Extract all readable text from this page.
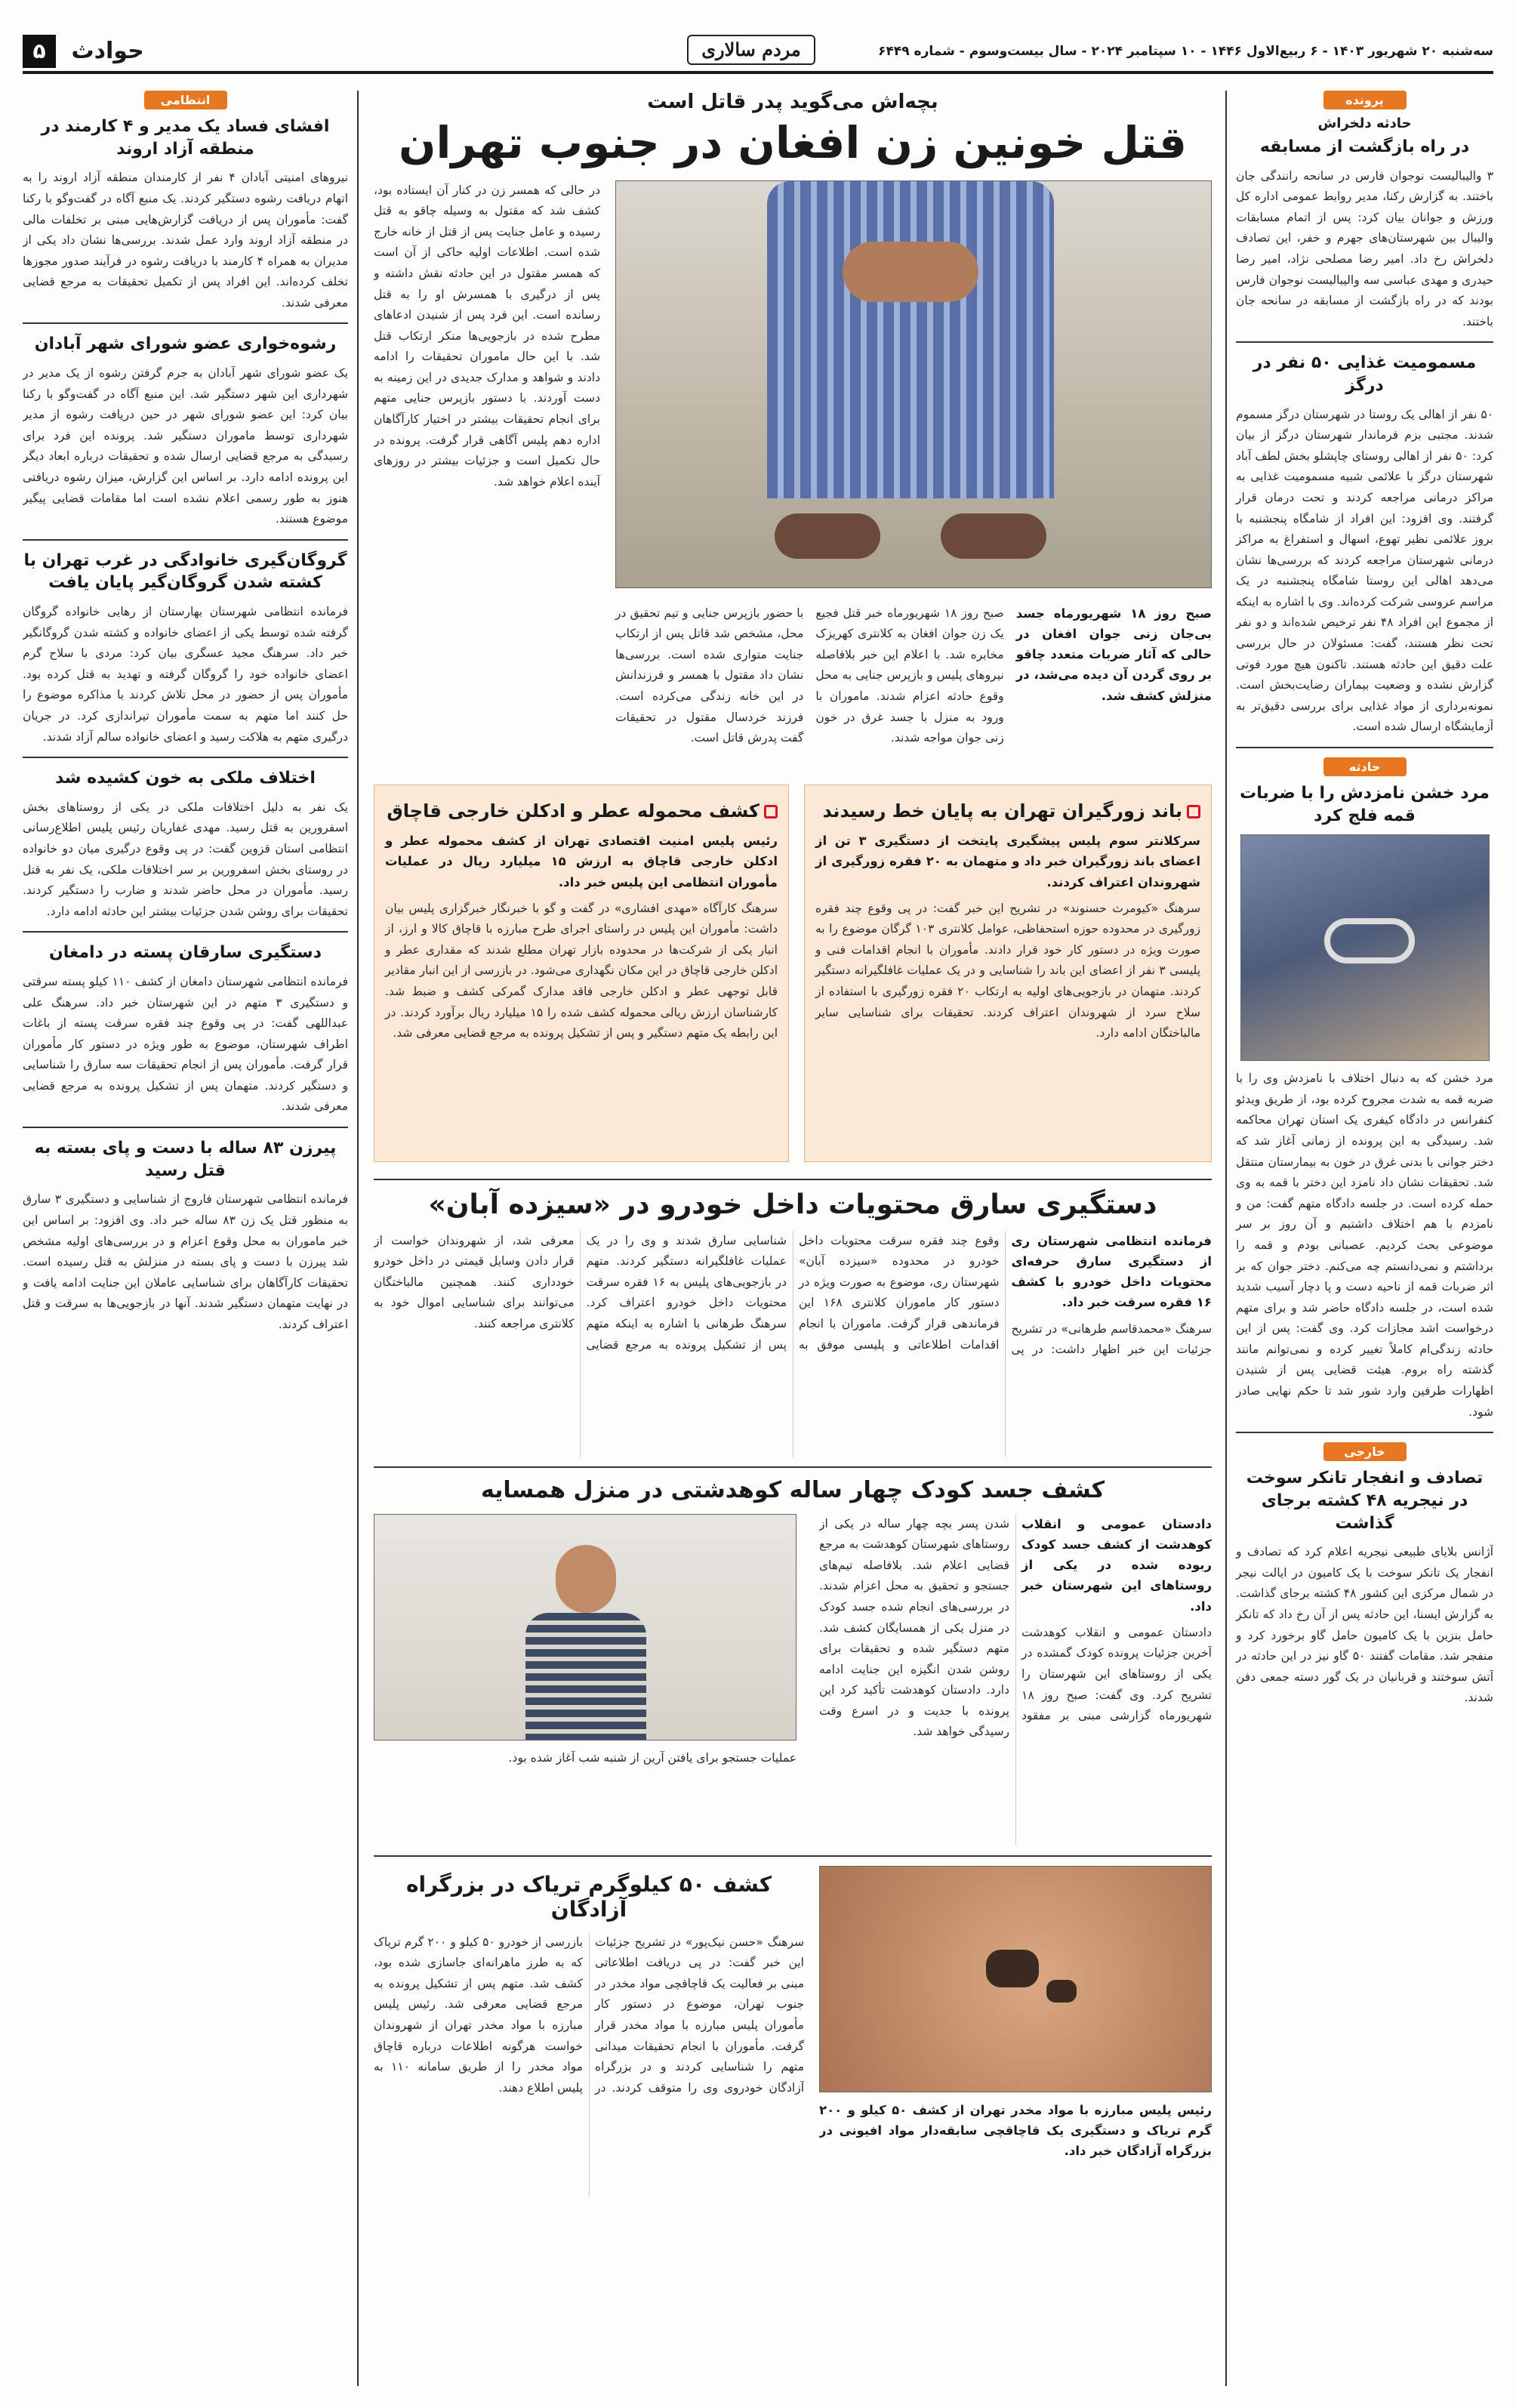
سه‌شنبه ۲۰ شهریور ۱۴۰۳ - ۶ ربیع‌الاول ۱۴۴۶ - ۱۰ سپتامبر ۲۰۲۴ - سال بیست‌وسوم - شماره ۶۴۴۹
مردم سالاری
حوادث ۵
پرونده
حادثه دلخراش
در راه بازگشت از مسابقه

۳ والیبالیست نوجوان فارس در سانحه رانندگی جان باختند. به گزارش رکنا، مدیر روابط عمومی اداره کل ورزش و جوانان بیان کرد: پس از اتمام مسابقات والیبال بین شهرستان‌های جهرم و خفر، این تصادف دلخراش رخ داد. امیر رضا مصلحی نژاد، امیر رضا حیدری و مهدی عباسی سه والیبالیست نوجوان فارس بودند که در راه بازگشت از مسابقه در سانحه جان باختند.

مسمومیت غذایی ۵۰ نفر در درگز

۵۰ نفر از اهالی یک روستا در شهرستان درگز مسموم شدند. مجتبی بزم فرماندار شهرستان درگز از بیان کرد: ۵۰ نفر از اهالی روستای چاپشلو بخش لطف آباد شهرستان درگز با علائمی شبیه مسمومیت غذایی به مراکز درمانی مراجعه کردند و تحت درمان قرار گرفتند. وی افزود: این افراد از شامگاه پنجشنبه با بروز علائمی نظیر تهوع، اسهال و استفراغ به مراکز درمانی شهرستان مراجعه کردند که بررسی‌ها نشان می‌دهد اهالی این روستا شامگاه پنجشنبه در یک مراسم عروسی شرکت کرده‌اند. وی با اشاره به اینکه از مجموع این افراد ۴۸ نفر ترخیص شده‌اند و دو نفر تحت نظر هستند، گفت: مسئولان در حال بررسی علت دقیق این حادثه هستند. تاکنون هیچ مورد فوتی گزارش نشده و وضعیت بیماران رضایت‌بخش است. نمونه‌برداری از مواد غذایی برای بررسی دقیق‌تر به آزمایشگاه ارسال شده است.

حادثه
مرد خشن نامزدش را با ضربات قمه فلج کرد

مرد خشن که به دنبال اختلاف با نامزدش وی را با ضربه قمه به شدت مجروح کرده بود، از طریق ویدئو کنفرانس در دادگاه کیفری یک استان تهران محاکمه شد. رسیدگی به این پرونده از زمانی آغاز شد که دختر جوانی با بدنی غرق در خون به بیمارستان منتقل شد. تحقیقات نشان داد نامزد این دختر با قمه به وی حمله کرده است. در جلسه دادگاه متهم گفت: من و نامزدم با هم اختلاف داشتیم و آن روز بر سر موضوعی بحث کردیم. عصبانی بودم و قمه را برداشتم و نمی‌دانستم چه می‌کنم. دختر جوان که بر اثر ضربات قمه از ناحیه دست و پا دچار آسیب شدید شده است، در جلسه دادگاه حاضر شد و برای متهم درخواست اشد مجازات کرد. وی گفت: پس از این حادثه زندگی‌ام کاملاً تغییر کرده و نمی‌توانم مانند گذشته راه بروم. هیئت قضایی پس از شنیدن اظهارات طرفین وارد شور شد تا حکم نهایی صادر شود.

خارجی
تصادف و انفجار تانکر سوخت در نیجریه ۴۸ کشته برجای گذاشت

آژانس بلایای طبیعی نیجریه اعلام کرد که تصادف و انفجار یک تانکر سوخت با یک کامیون در ایالت نیجر در شمال مرکزی این کشور ۴۸ کشته برجای گذاشت. به گزارش ایسنا، این حادثه پس از آن رخ داد که تانکر حامل بنزین با یک کامیون حامل گاو برخورد کرد و منفجر شد. مقامات گفتند ۵۰ گاو نیز در این حادثه در آتش سوختند و قربانیان در یک گور دسته جمعی دفن شدند.

انتظامی
افشای فساد یک مدیر و ۴ کارمند در منطقه آزاد اروند

نیروهای امنیتی آبادان ۴ نفر از کارمندان منطقه آزاد اروند را به اتهام دریافت رشوه دستگیر کردند. یک منبع آگاه در گفت‌وگو با رکنا گفت: مأموران پس از دریافت گزارش‌هایی مبنی بر تخلفات مالی در منطقه آزاد اروند وارد عمل شدند. بررسی‌ها نشان داد یکی از مدیران به همراه ۴ کارمند با دریافت رشوه در فرآیند صدور مجوزها تخلف کرده‌اند. این افراد پس از تکمیل تحقیقات به مرجع قضایی معرفی شدند.

رشوه‌خواری عضو شورای شهر آبادان

یک عضو شورای شهر آبادان به جرم گرفتن رشوه از یک مدیر در شهرداری این شهر دستگیر شد. این منبع آگاه در گفت‌وگو با رکنا بیان کرد: این عضو شورای شهر در حین دریافت رشوه از مدیر شهرداری توسط ماموران دستگیر شد. پرونده این فرد برای رسیدگی به مرجع قضایی ارسال شده و تحقیقات درباره ابعاد دیگر این پرونده ادامه دارد. بر اساس این گزارش، میزان رشوه دریافتی هنوز به طور رسمی اعلام نشده است اما مقامات قضایی پیگیر موضوع هستند.

گروگان‌گیری خانوادگی در غرب تهران با کشته شدن گروگان‌گیر پایان یافت

فرمانده انتظامی شهرستان بهارستان از رهایی خانواده گروگان گرفته شده توسط یکی از اعضای خانواده و کشته شدن گروگانگیر خبر داد. سرهنگ مجید عسگری بیان کرد: مردی با سلاح گرم اعضای خانواده خود را گروگان گرفته و تهدید به قتل کرده بود. مأموران پس از حضور در محل تلاش کردند با مذاکره موضوع را حل کنند اما متهم به سمت مأموران تیراندازی کرد. در جریان درگیری متهم به هلاکت رسید و اعضای خانواده سالم آزاد شدند.

اختلاف ملکی به خون کشیده شد

یک نفر به دلیل اختلافات ملکی در یکی از روستاهای بخش اسفرورین به قتل رسید. مهدی غفاریان رئیس پلیس اطلاع‌رسانی انتظامی استان قزوین گفت: در پی وقوع درگیری میان دو خانواده در روستای بخش اسفرورین بر سر اختلافات ملکی، یک نفر به قتل رسید. مأموران در محل حاضر شدند و ضارب را دستگیر کردند. تحقیقات برای روشن شدن جزئیات بیشتر این حادثه ادامه دارد.

دستگیری سارقان پسته در دامغان

فرمانده انتظامی شهرستان دامغان از کشف ۱۱۰ کیلو پسته سرقتی و دستگیری ۳ متهم در این شهرستان خبر داد. سرهنگ علی عبداللهی گفت: در پی وقوع چند فقره سرقت پسته از باغات اطراف شهرستان، موضوع به طور ویژه در دستور کار مأموران قرار گرفت. مأموران پس از انجام تحقیقات سه سارق را شناسایی و دستگیر کردند. متهمان پس از تشکیل پرونده به مرجع قضایی معرفی شدند.

پیرزن ۸۳ ساله با دست و پای بسته به قتل رسید

فرمانده انتظامی شهرستان فاروج از شناسایی و دستگیری ۳ سارق به منظور قتل یک زن ۸۳ ساله خبر داد. وی افزود: بر اساس این خبر ماموران به محل وقوع اعزام و در بررسی‌های اولیه مشخص شد پیرزن با دست و پای بسته در منزلش به قتل رسیده است. تحقیقات کارآگاهان برای شناسایی عاملان این جنایت ادامه یافت و در نهایت متهمان دستگیر شدند. آنها در بازجویی‌ها به سرقت و قتل اعتراف کردند.

بچه‌اش می‌گوید پدر قاتل است
قتل خونین زن افغان در جنوب تهران

در حالی که همسر زن در کنار آن ایستاده بود، کشف شد که مقتول به وسیله چاقو به قتل رسیده و عامل جنایت پس از قتل از خانه خارج شده است. اطلاعات اولیه حاکی از آن است که همسر مقتول در این حادثه نقش داشته و پس از درگیری با همسرش او را به قتل رسانده است. این فرد پس از شنیدن ادعاهای مطرح شده در بازجویی‌ها منکر ارتکاب قتل شد. با این حال ماموران تحقیقات را ادامه دادند و شواهد و مدارک جدیدی در این زمینه به دست آوردند. با دستور بازپرس جنایی متهم برای انجام تحقیقات بیشتر در اختیار کارآگاهان اداره دهم پلیس آگاهی قرار گرفت. پرونده در حال تکمیل است و جزئیات بیشتر در روزهای آینده اعلام خواهد شد.

صبح روز ۱۸ شهریورماه جسد بی‌جان زنی جوان افغان در حالی که آثار ضربات متعدد چاقو بر روی گردن آن دیده می‌شد، در منزلش کشف شد.

صبح روز ۱۸ شهریورماه خبر قتل فجیع یک زن جوان افغان به کلانتری کهریزک مخابره شد. با اعلام این خبر بلافاصله نیروهای پلیس و بازپرس جنایی به محل وقوع حادثه اعزام شدند. ماموران با ورود به منزل با جسد غرق در خون زنی جوان مواجه شدند.

با حضور بازپرس جنایی و تیم تحقیق در محل، مشخص شد قاتل پس از ارتکاب جنایت متواری شده است. بررسی‌ها نشان داد مقتول با همسر و فرزندانش در این خانه زندگی می‌کرده است. فرزند خردسال مقتول در تحقیقات گفت پدرش قاتل است.

باند زورگیران تهران به پایان خط رسیدند

سرکلانتر سوم پلیس پیشگیری پایتخت از دستگیری ۳ تن از اعضای باند زورگیران خبر داد و متهمان به ۲۰ فقره زورگیری از شهروندان اعتراف کردند.

سرهنگ «کیومرث حسنوند» در تشریح این خبر گفت: در پی وقوع چند فقره زورگیری در محدوده حوزه استحفاظی، عوامل کلانتری ۱۰۳ گرگان موضوع را به صورت ویژه در دستور کار خود قرار دادند. مأموران با انجام اقدامات فنی و پلیسی ۳ نفر از اعضای این باند را شناسایی و در یک عملیات غافلگیرانه دستگیر کردند. متهمان در بازجویی‌های اولیه به ارتکاب ۲۰ فقره زورگیری با استفاده از سلاح سرد از شهروندان اعتراف کردند. تحقیقات برای شناسایی سایر مالباختگان ادامه دارد.

کشف محموله عطر و ادکلن خارجی قاچاق

رئیس پلیس امنیت اقتصادی تهران از کشف محموله عطر و ادکلن خارجی قاچاق به ارزش ۱۵ میلیارد ریال در عملیات مأموران انتظامی این پلیس خبر داد.

سرهنگ کارآگاه «مهدی افشاری» در گفت و گو با خبرنگار خبرگزاری پلیس بیان داشت: مأموران این پلیس در راستای اجرای طرح مبارزه با قاچاق کالا و ارز، از انبار یکی از شرکت‌ها در محدوده بازار تهران مطلع شدند که مقداری عطر و ادکلن خارجی قاچاق در این مکان نگهداری می‌شود. در بازرسی از این انبار مقادیر قابل توجهی عطر و ادکلن خارجی فاقد مدارک گمرکی کشف و ضبط شد. کارشناسان ارزش ریالی محموله کشف شده را ۱۵ میلیارد ریال برآورد کردند. در این رابطه یک متهم دستگیر و پس از تشکیل پرونده به مرجع قضایی معرفی شد.

دستگیری سارق محتویات داخل خودرو در «سیزده آبان»

فرمانده انتظامی شهرستان ری از دستگیری سارق حرفه‌ای محتویات داخل خودرو با کشف ۱۶ فقره سرقت خبر داد.

سرهنگ «محمدقاسم طرهانی» در تشریح جزئیات این خبر اظهار داشت: در پی وقوع چند فقره سرقت محتویات داخل خودرو در محدوده «سیزده آبان» شهرستان ری، موضوع به صورت ویژه در دستور کار ماموران کلانتری ۱۶۸ این فرماندهی قرار گرفت. ماموران با انجام اقدامات اطلاعاتی و پلیسی موفق به شناسایی سارق شدند و وی را در یک عملیات غافلگیرانه دستگیر کردند. متهم در بازجویی‌های پلیس به ۱۶ فقره سرقت محتویات داخل خودرو اعتراف کرد. سرهنگ طرهانی با اشاره به اینکه متهم پس از تشکیل پرونده به مرجع قضایی معرفی شد، از شهروندان خواست از قرار دادن وسایل قیمتی در داخل خودرو خودداری کنند. همچنین مالباختگان می‌توانند برای شناسایی اموال خود به کلانتری مراجعه کنند.

کشف جسد کودک چهار ساله کوهدشتی در منزل همسایه

دادستان عمومی و انقلاب کوهدشت از کشف جسد کودک ربوده شده در یکی از روستاهای این شهرستان خبر داد.

دادستان عمومی و انقلاب کوهدشت آخرین جزئیات پرونده کودک گمشده در یکی از روستاهای این شهرستان را تشریح کرد. وی گفت: صبح روز ۱۸ شهریورماه گزارشی مبنی بر مفقود شدن پسر بچه چهار ساله در یکی از روستاهای شهرستان کوهدشت به مرجع قضایی اعلام شد. بلافاصله تیم‌های جستجو و تحقیق به محل اعزام شدند. در بررسی‌های انجام شده جسد کودک در منزل یکی از همسایگان کشف شد. متهم دستگیر شده و تحقیقات برای روشن شدن انگیزه این جنایت ادامه دارد. دادستان کوهدشت تأکید کرد این پرونده با جدیت و در اسرع وقت رسیدگی خواهد شد.

عملیات جستجو برای یافتن آرین از شنبه شب آغاز شده بود.

رئیس پلیس مبارزه با مواد مخدر تهران از کشف ۵۰ کیلو و ۲۰۰ گرم تریاک و دستگیری یک قاچاقچی سابقه‌دار مواد افیونی در بزرگراه آزادگان خبر داد.

کشف ۵۰ کیلوگرم تریاک در بزرگراه آزادگان

سرهنگ «حسن نیک‌پور» در تشریح جزئیات این خبر گفت: در پی دریافت اطلاعاتی مبنی بر فعالیت یک قاچاقچی مواد مخدر در جنوب تهران، موضوع در دستور کار مأموران پلیس مبارزه با مواد مخدر قرار گرفت. مأموران با انجام تحقیقات میدانی متهم را شناسایی کردند و در بزرگراه آزادگان خودروی وی را متوقف کردند. در بازرسی از خودرو ۵۰ کیلو و ۲۰۰ گرم تریاک که به طرز ماهرانه‌ای جاسازی شده بود، کشف شد. متهم پس از تشکیل پرونده به مرجع قضایی معرفی شد. رئیس پلیس مبارزه با مواد مخدر تهران از شهروندان خواست هرگونه اطلاعات درباره قاچاق مواد مخدر را از طریق سامانه ۱۱۰ به پلیس اطلاع دهند.
